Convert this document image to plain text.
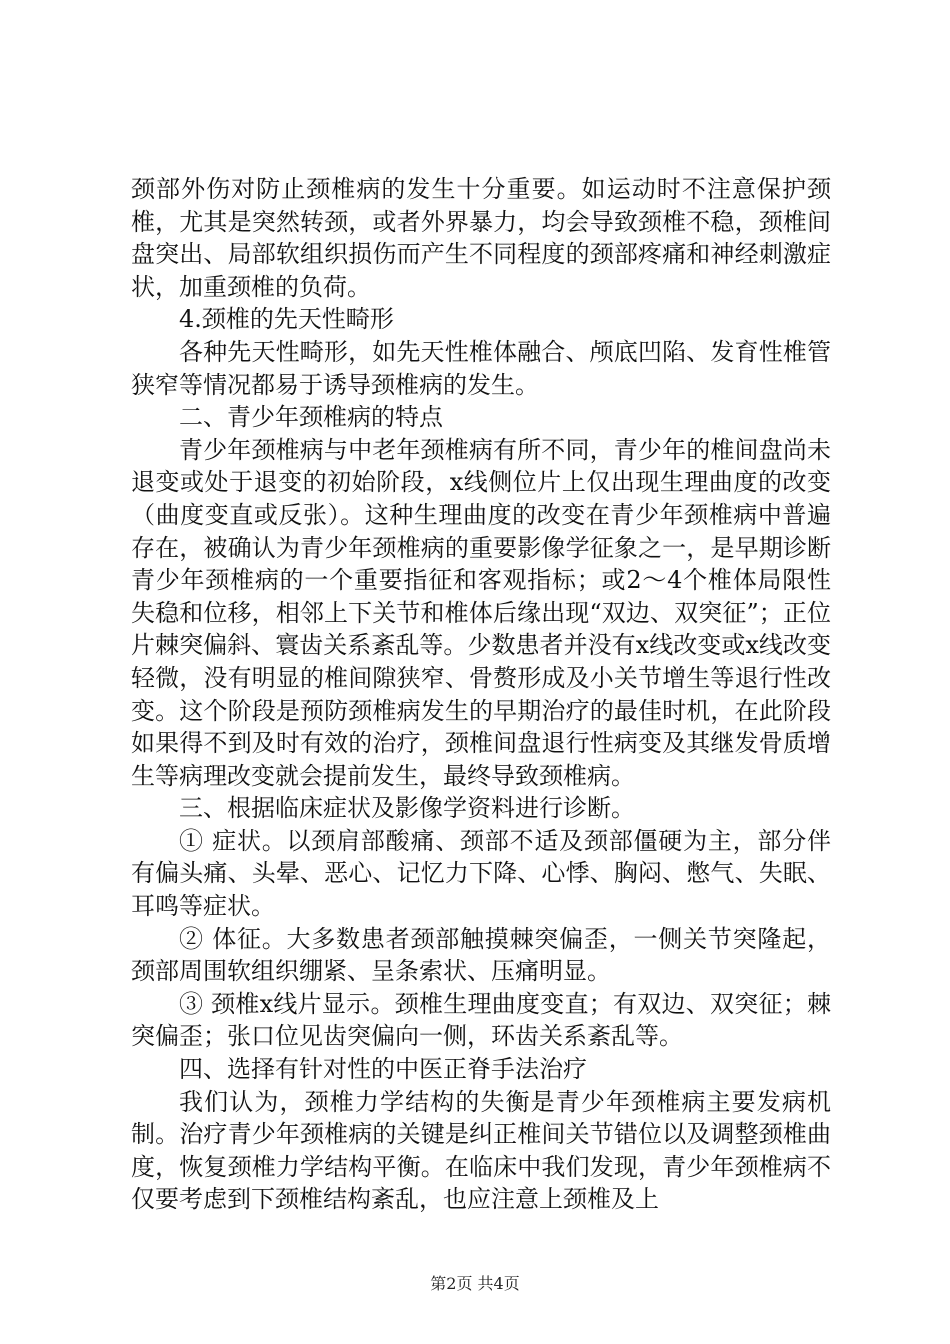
颈部外伤对防止颈椎病的发生十分重要。如运动时不注意保护颈椎，尤其是突然转颈，或者外界暴力，均会导致颈椎不稳，颈椎间盘突出、局部软组织损伤而产生不同程度的颈部疼痛和神经刺激症状，加重颈椎的负荷。

4.颈椎的先天性畸形

各种先天性畸形，如先天性椎体融合、颅底凹陷、发育性椎管狭窄等情况都易于诱导颈椎病的发生。

二、青少年颈椎病的特点

青少年颈椎病与中老年颈椎病有所不同，青少年的椎间盘尚未退变或处于退变的初始阶段，x线侧位片上仅出现生理曲度的改变（曲度变直或反张）。这种生理曲度的改变在青少年颈椎病中普遍存在，被确认为青少年颈椎病的重要影像学征象之一，是早期诊断青少年颈椎病的一个重要指征和客观指标；或2～4个椎体局限性失稳和位移，相邻上下关节和椎体后缘出现“双边、双突征”；正位片棘突偏斜、寰齿关系紊乱等。少数患者并没有x线改变或x线改变轻微，没有明显的椎间隙狭窄、骨赘形成及小关节增生等退行性改变。这个阶段是预防颈椎病发生的早期治疗的最佳时机，在此阶段如果得不到及时有效的治疗，颈椎间盘退行性病变及其继发骨质增生等病理改变就会提前发生，最终导致颈椎病。

三、根据临床症状及影像学资料进行诊断。

① 症状。以颈肩部酸痛、颈部不适及颈部僵硬为主，部分伴有偏头痛、头晕、恶心、记忆力下降、心悸、胸闷、憋气、失眠、耳鸣等症状。

② 体征。大多数患者颈部触摸棘突偏歪，一侧关节突隆起，颈部周围软组织绷紧、呈条索状、压痛明显。

③ 颈椎x线片显示。颈椎生理曲度变直；有双边、双突征；棘突偏歪；张口位见齿突偏向一侧，环齿关系紊乱等。

四、选择有针对性的中医正脊手法治疗

我们认为，颈椎力学结构的失衡是青少年颈椎病主要发病机制。治疗青少年颈椎病的关键是纠正椎间关节错位以及调整颈椎曲度，恢复颈椎力学结构平衡。在临床中我们发现，青少年颈椎病不仅要考虑到下颈椎结构紊乱，也应注意上颈椎及上

第2页 共4页
